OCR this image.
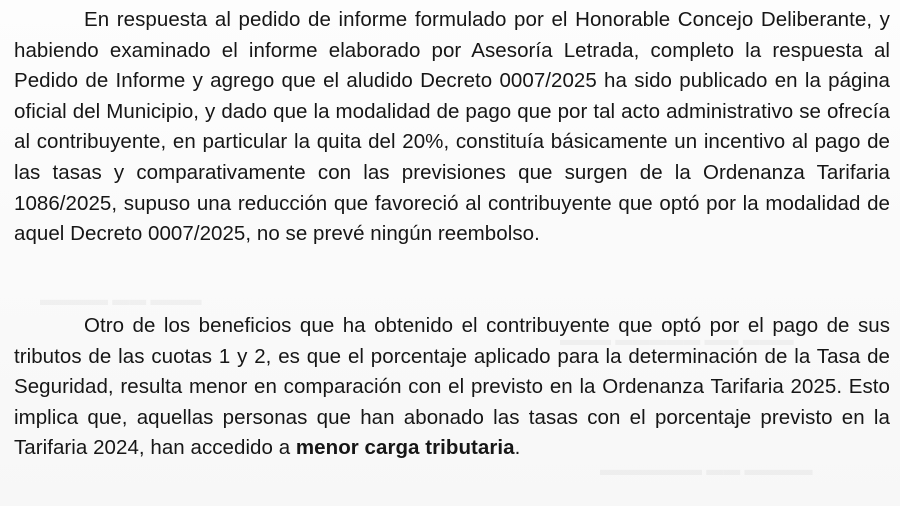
En respuesta al pedido de informe formulado por el Honorable Concejo Deliberante, y habiendo examinado el informe elaborado por Asesoría Letrada, completo la respuesta al Pedido de Informe y agrego que el aludido Decreto 0007/2025 ha sido publicado en la página oficial del Municipio, y dado que la modalidad de pago que por tal acto administrativo se ofrecía al contribuyente, en particular la quita del 20%, constituía básicamente un incentivo al pago de las tasas y comparativamente con las previsiones que surgen de la Ordenanza Tarifaria 1086/2025, supuso una reducción que favoreció al contribuyente que optó por la modalidad de aquel Decreto 0007/2025, no se prevé ningún reembolso.

Otro de los beneficios que ha obtenido el contribuyente que optó por el pago de sus tributos de las cuotas 1 y 2, es que el porcentaje aplicado para la determinación de la Tasa de Seguridad, resulta menor en comparación con el previsto en la Ordenanza Tarifaria 2025. Esto implica que, aquellas personas que han abonado las tasas con el porcentaje previsto en la Tarifaria 2024, han accedido a menor carga tributaria.
